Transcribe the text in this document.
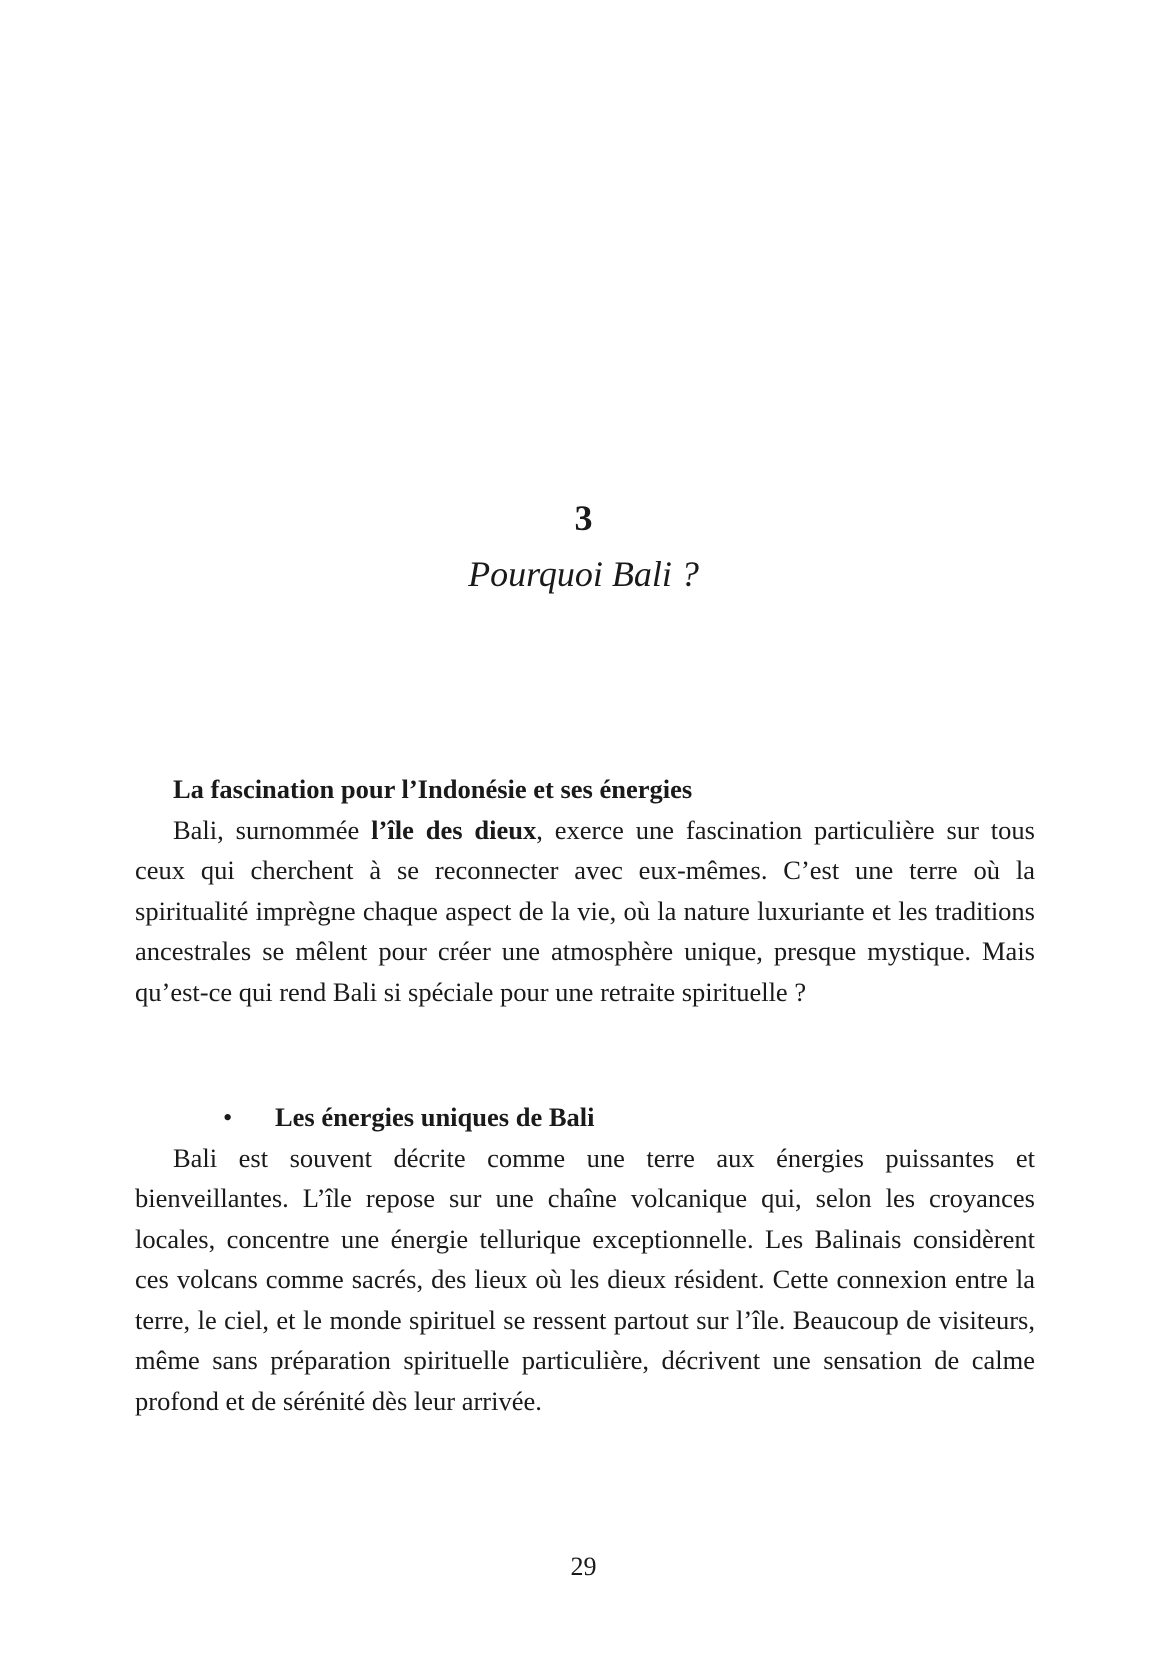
3
Pourquoi Bali ?

La fascination pour l’Indonésie et ses énergies

Bali, surnommée l’île des dieux, exerce une fascination particulière sur tous ceux qui cherchent à se reconnecter avec eux-mêmes. C’est une terre où la spiritualité imprègne chaque aspect de la vie, où la nature luxuriante et les traditions ancestrales se mêlent pour créer une atmosphère unique, presque mystique. Mais qu’est-ce qui rend Bali si spéciale pour une retraite spirituelle ?

• Les énergies uniques de Bali

Bali est souvent décrite comme une terre aux énergies puissantes et bienveillantes. L’île repose sur une chaîne volcanique qui, selon les croyances locales, concentre une énergie tellurique exceptionnelle. Les Balinais considèrent ces volcans comme sacrés, des lieux où les dieux résident. Cette connexion entre la terre, le ciel, et le monde spirituel se ressent partout sur l’île. Beaucoup de visiteurs, même sans préparation spirituelle particulière, décrivent une sensation de calme profond et de sérénité dès leur arrivée.

29
